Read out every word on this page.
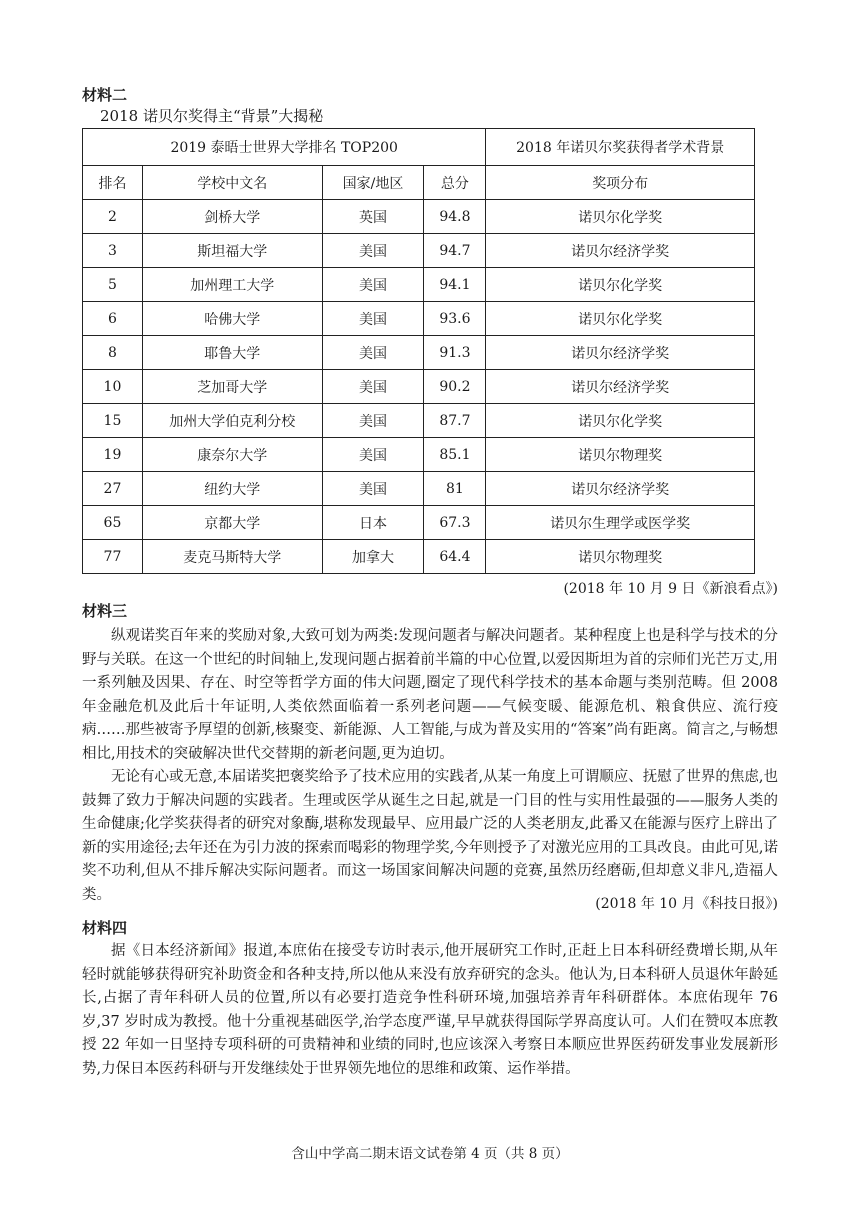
材料二
2018 诺贝尔奖得主“背景”大揭秘
2019 泰晤士世界大学排名 TOP200				2018 年诺贝尔奖获得者学术背景
排名	学校中文名	国家/地区	总分	奖项分布
2	剑桥大学	英国	94.8	诺贝尔化学奖
3	斯坦福大学	美国	94.7	诺贝尔经济学奖
5	加州理工大学	美国	94.1	诺贝尔化学奖
6	哈佛大学	美国	93.6	诺贝尔化学奖
8	耶鲁大学	美国	91.3	诺贝尔经济学奖
10	芝加哥大学	美国	90.2	诺贝尔经济学奖
15	加州大学伯克利分校	美国	87.7	诺贝尔化学奖
19	康奈尔大学	美国	85.1	诺贝尔物理奖
27	纽约大学	美国	81	诺贝尔经济学奖
65	京都大学	日本	67.3	诺贝尔生理学或医学奖
77	麦克马斯特大学	加拿大	64.4	诺贝尔物理奖
(2018 年 10 月 9 日《新浪看点》)
材料三

纵观诺奖百年来的奖励对象,大致可划为两类:发现问题者与解决问题者。某种程度上也是科学与技术的分野与关联。在这一个世纪的时间轴上,发现问题占据着前半篇的中心位置,以爱因斯坦为首的宗师们光芒万丈,用一系列触及因果、存在、时空等哲学方面的伟大问题,圈定了现代科学技术的基本命题与类别范畴。但 2008 年金融危机及此后十年证明,人类依然面临着一系列老问题——气候变暖、能源危机、粮食供应、流行疫病……那些被寄予厚望的创新,核聚变、新能源、人工智能,与成为普及实用的“答案”尚有距离。简言之,与畅想相比,用技术的突破解决世代交替期的新老问题,更为迫切。

无论有心或无意,本届诺奖把褒奖给予了技术应用的实践者,从某一角度上可谓顺应、抚慰了世界的焦虑,也鼓舞了致力于解决问题的实践者。生理或医学从诞生之日起,就是一门目的性与实用性最强的——服务人类的生命健康;化学奖获得者的研究对象酶,堪称发现最早、应用最广泛的人类老朋友,此番又在能源与医疗上辟出了新的实用途径;去年还在为引力波的探索而喝彩的物理学奖,今年则授予了对激光应用的工具改良。由此可见,诺奖不功利,但从不排斥解决实际问题者。而这一场国家间解决问题的竞赛,虽然历经磨砺,但却意义非凡,造福人类。

(2018 年 10 月《科技日报》)
材料四

据《日本经济新闻》报道,本庶佑在接受专访时表示,他开展研究工作时,正赶上日本科研经费增长期,从年轻时就能够获得研究补助资金和各种支持,所以他从来没有放弃研究的念头。他认为,日本科研人员退休年龄延长,占据了青年科研人员的位置,所以有必要打造竞争性科研环境,加强培养青年科研群体。本庶佑现年 76 岁,37 岁时成为教授。他十分重视基础医学,治学态度严谨,早早就获得国际学界高度认可。人们在赞叹本庶教授 22 年如一日坚持专项科研的可贵精神和业绩的同时,也应该深入考察日本顺应世界医药研发事业发展新形势,力保日本医药科研与开发继续处于世界领先地位的思维和政策、运作举措。

含山中学高二期末语文试卷第 4 页（共 8 页）
